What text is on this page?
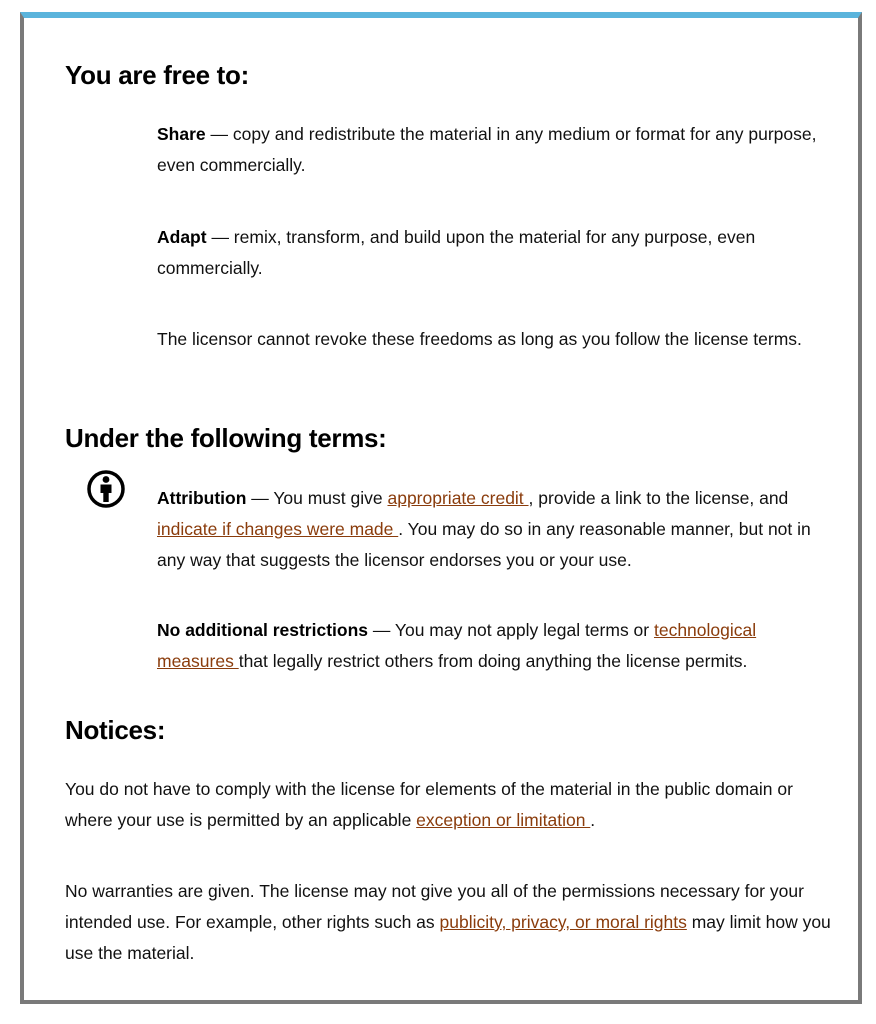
You are free to:

Share — copy and redistribute the material in any medium or format for any purpose, even commercially.

Adapt — remix, transform, and build upon the material for any purpose, even commercially.

The licensor cannot revoke these freedoms as long as you follow the license terms.

Under the following terms:

Attribution — You must give appropriate credit , provide a link to the license, and indicate if changes were made . You may do so in any reasonable manner, but not in any way that suggests the licensor endorses you or your use.

No additional restrictions — You may not apply legal terms or technological measures that legally restrict others from doing anything the license permits.

Notices:

You do not have to comply with the license for elements of the material in the public domain or where your use is permitted by an applicable exception or limitation .

No warranties are given. The license may not give you all of the permissions necessary for your intended use. For example, other rights such as publicity, privacy, or moral rights may limit how you use the material.
